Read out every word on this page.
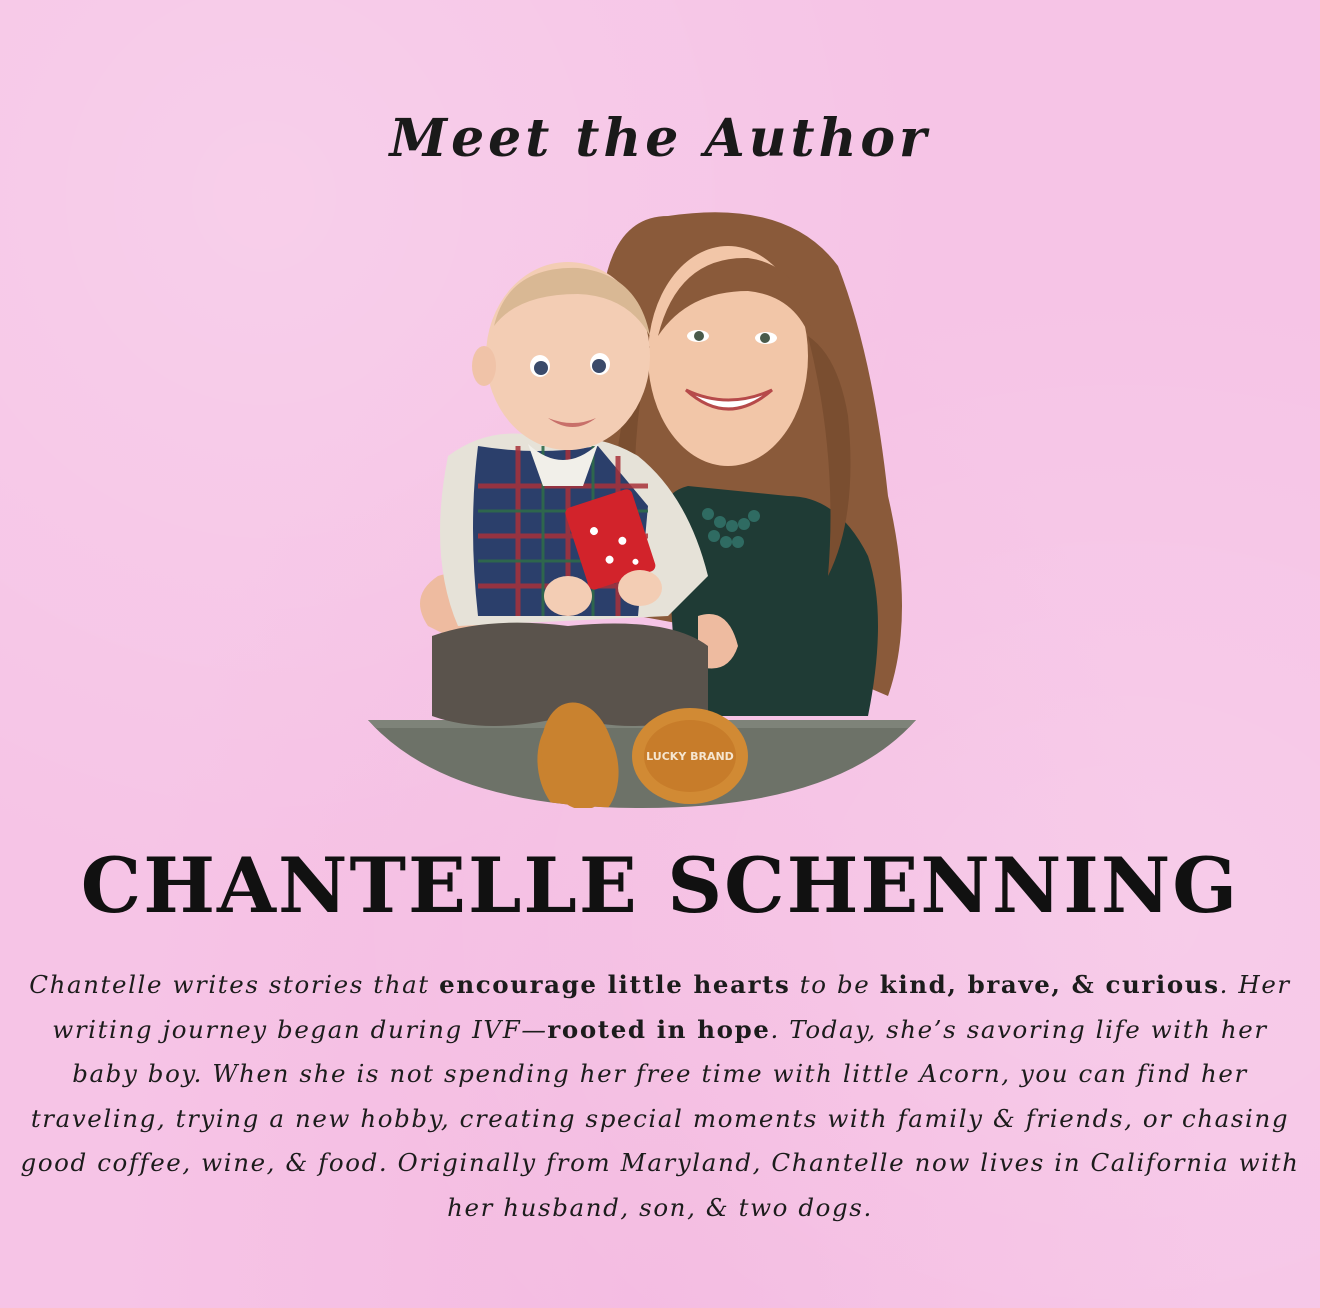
Meet the Author
LUCKY BRAND
CHANTELLE SCHENNING

Chantelle writes stories that encourage little hearts to be kind, brave, & curious. Her writing journey began during IVF—rooted in hope. Today, she’s savoring life with her baby boy. When she is not spending her free time with little Acorn, you can find her traveling, trying a new hobby, creating special moments with family & friends, or chasing good coffee, wine, & food. Originally from Maryland, Chantelle now lives in California with her husband, son, & two dogs.
